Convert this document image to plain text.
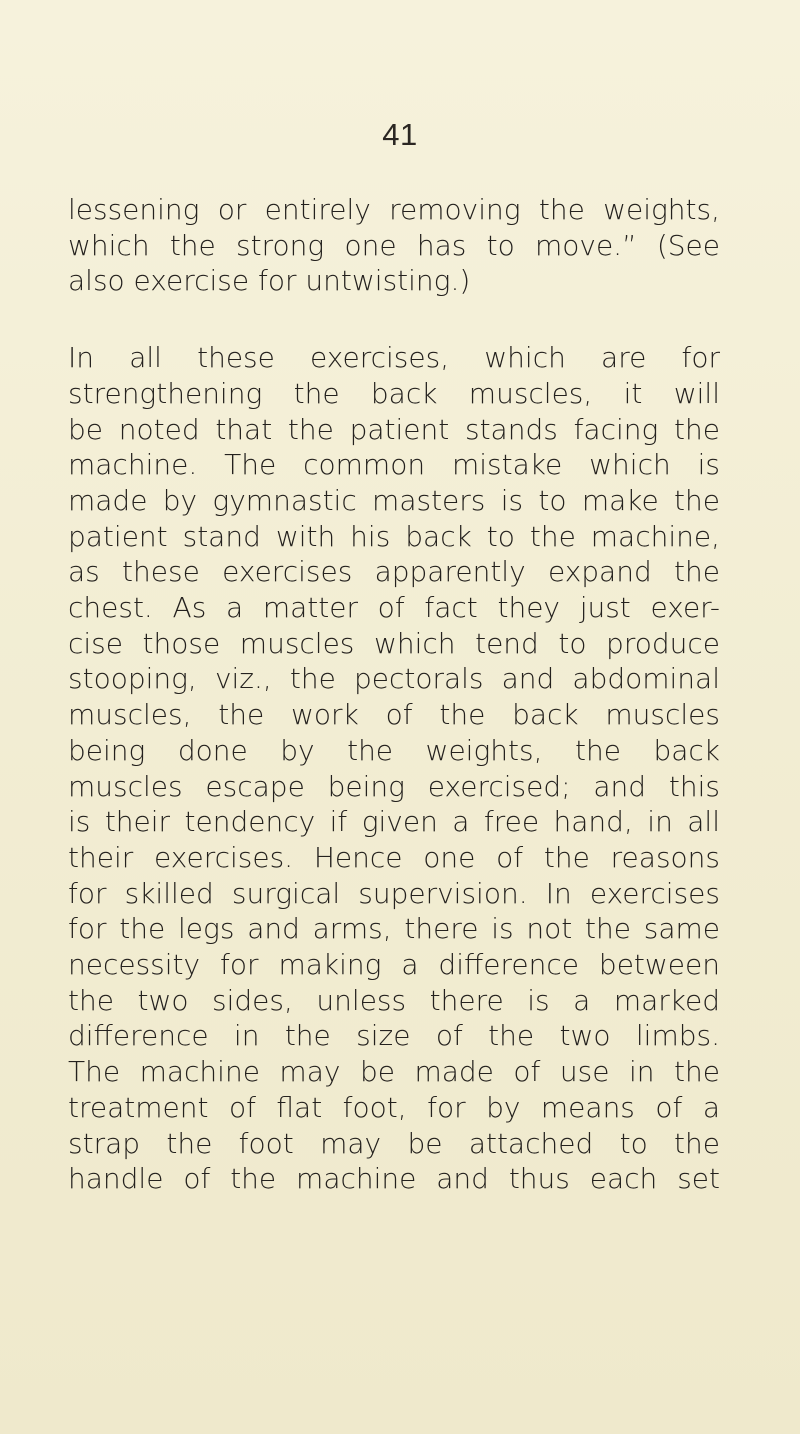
41
lessening or entirely removing the weights,
which the strong one has to move.” (See
also exercise for untwisting.)
In all these exercises, which are for
strengthening the back muscles, it will
be noted that the patient stands facing the
machine. The common mistake which is
made by gymnastic masters is to make the
patient stand with his back to the machine,
as these exercises apparently expand the
chest. As a matter of fact they just exer-
cise those muscles which tend to produce
stooping, viz., the pectorals and abdominal
muscles, the work of the back muscles
being done by the weights, the back
muscles escape being exercised; and this
is their tendency if given a free hand, in all
their exercises. Hence one of the reasons
for skilled surgical supervision. In exercises
for the legs and arms, there is not the same
necessity for making a difference between
the two sides, unless there is a marked
difference in the size of the two limbs.
The machine may be made of use in the
treatment of flat foot, for by means of a
strap the foot may be attached to the
handle of the machine and thus each set
